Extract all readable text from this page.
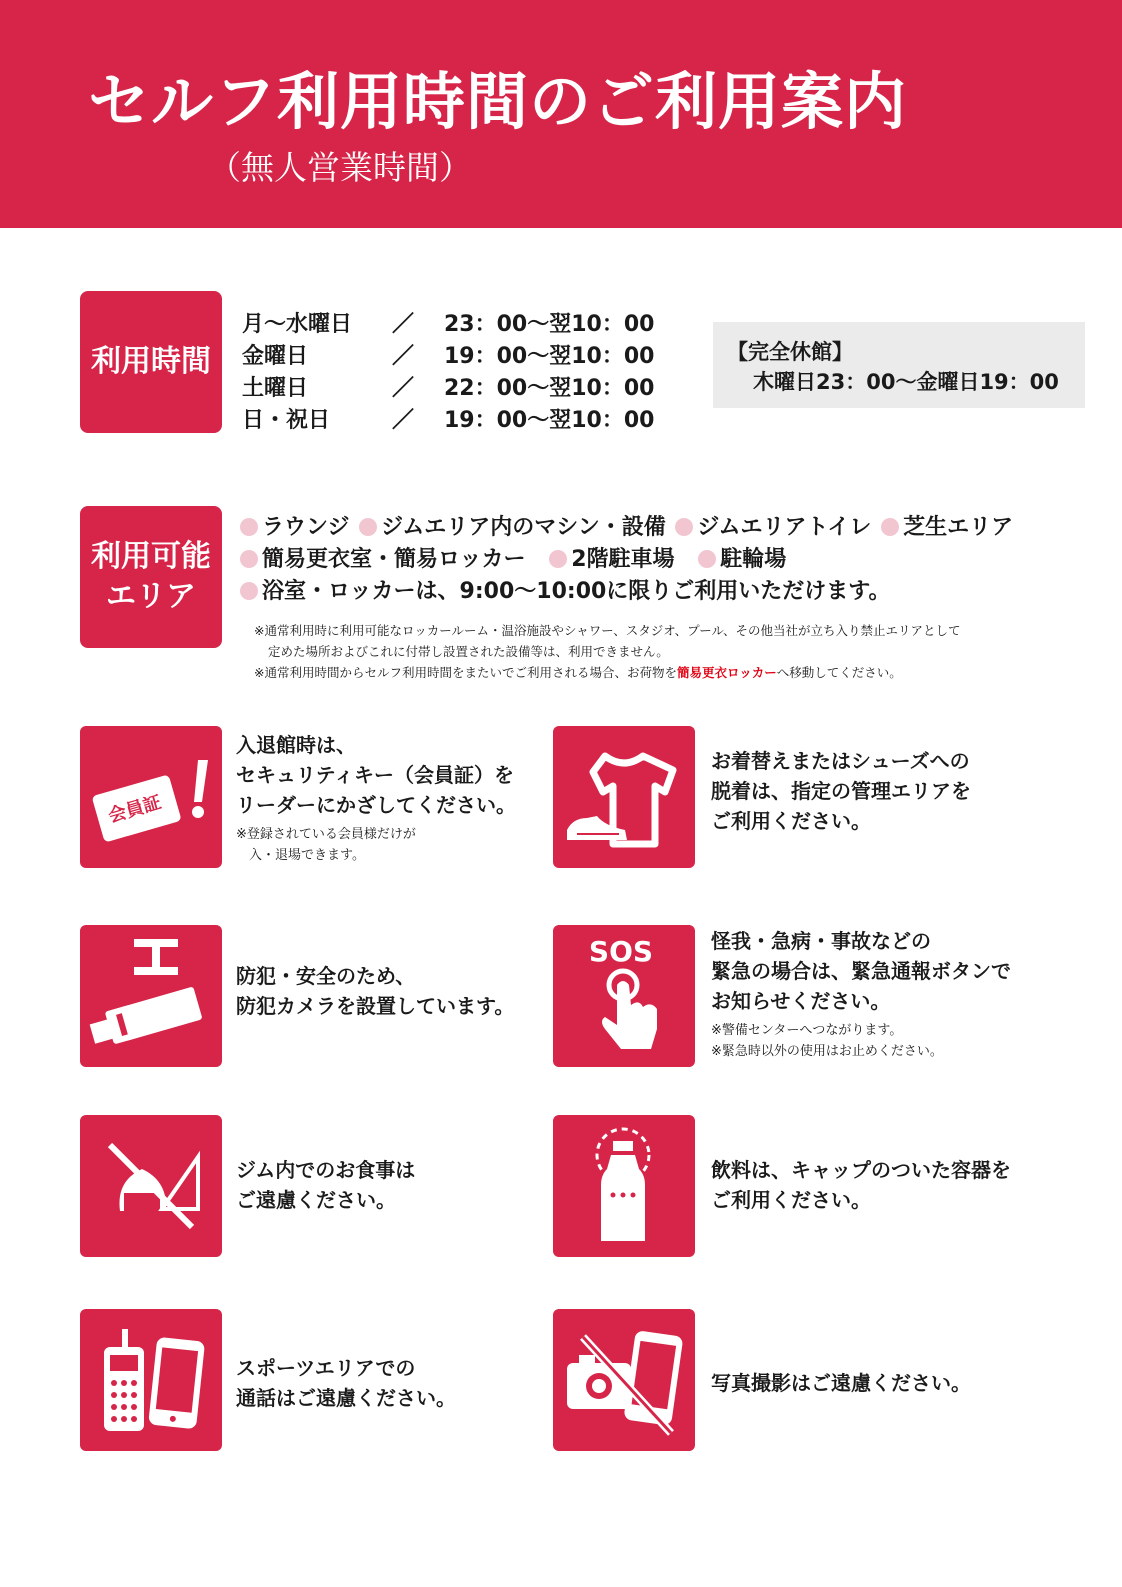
セルフ利用時間のご利用案内
（無人営業時間）
利用時間
月～水曜日	／	23：00～翌10：00
金曜日	／	19：00～翌10：00
土曜日	／	22：00～翌10：00
日・祝日	／	19：00～翌10：00
【完全休館】
木曜日23：00～金曜日19：00
利用可能
エリア
ラウンジ ジムエリア内のマシン・設備 ジムエリアトイレ 芝生エリア
簡易更衣室・簡易ロッカー 2階駐車場 駐輪場
浴室・ロッカーは、9:00～10:00に限りご利用いただけます。
※通常利用時に利用可能なロッカールーム・温浴施設やシャワー、スタジオ、プール、その他当社が立ち入り禁止エリアとして
定めた場所およびこれに付帯し設置された設備等は、利用できません。
※通常利用時間からセルフ利用時間をまたいでご利用される場合、お荷物を簡易更衣ロッカーへ移動してください。
会員証
入退館時は、
セキュリティキー（会員証）を
リーダーにかざしてください。
※登録されている会員様だけが
　入・退場できます。
お着替えまたはシューズへの
脱着は、指定の管理エリアを
ご利用ください。
防犯・安全のため、
防犯カメラを設置しています。
SOS	怪我・急病・事故などの
緊急の場合は、緊急通報ボタンで
お知らせください。
※警備センターへつながります。
※緊急時以外の使用はお止めください。
ジム内でのお食事は
ご遠慮ください。
飲料は、キャップのついた容器を
ご利用ください。
スポーツエリアでの
通話はご遠慮ください。
写真撮影はご遠慮ください。
